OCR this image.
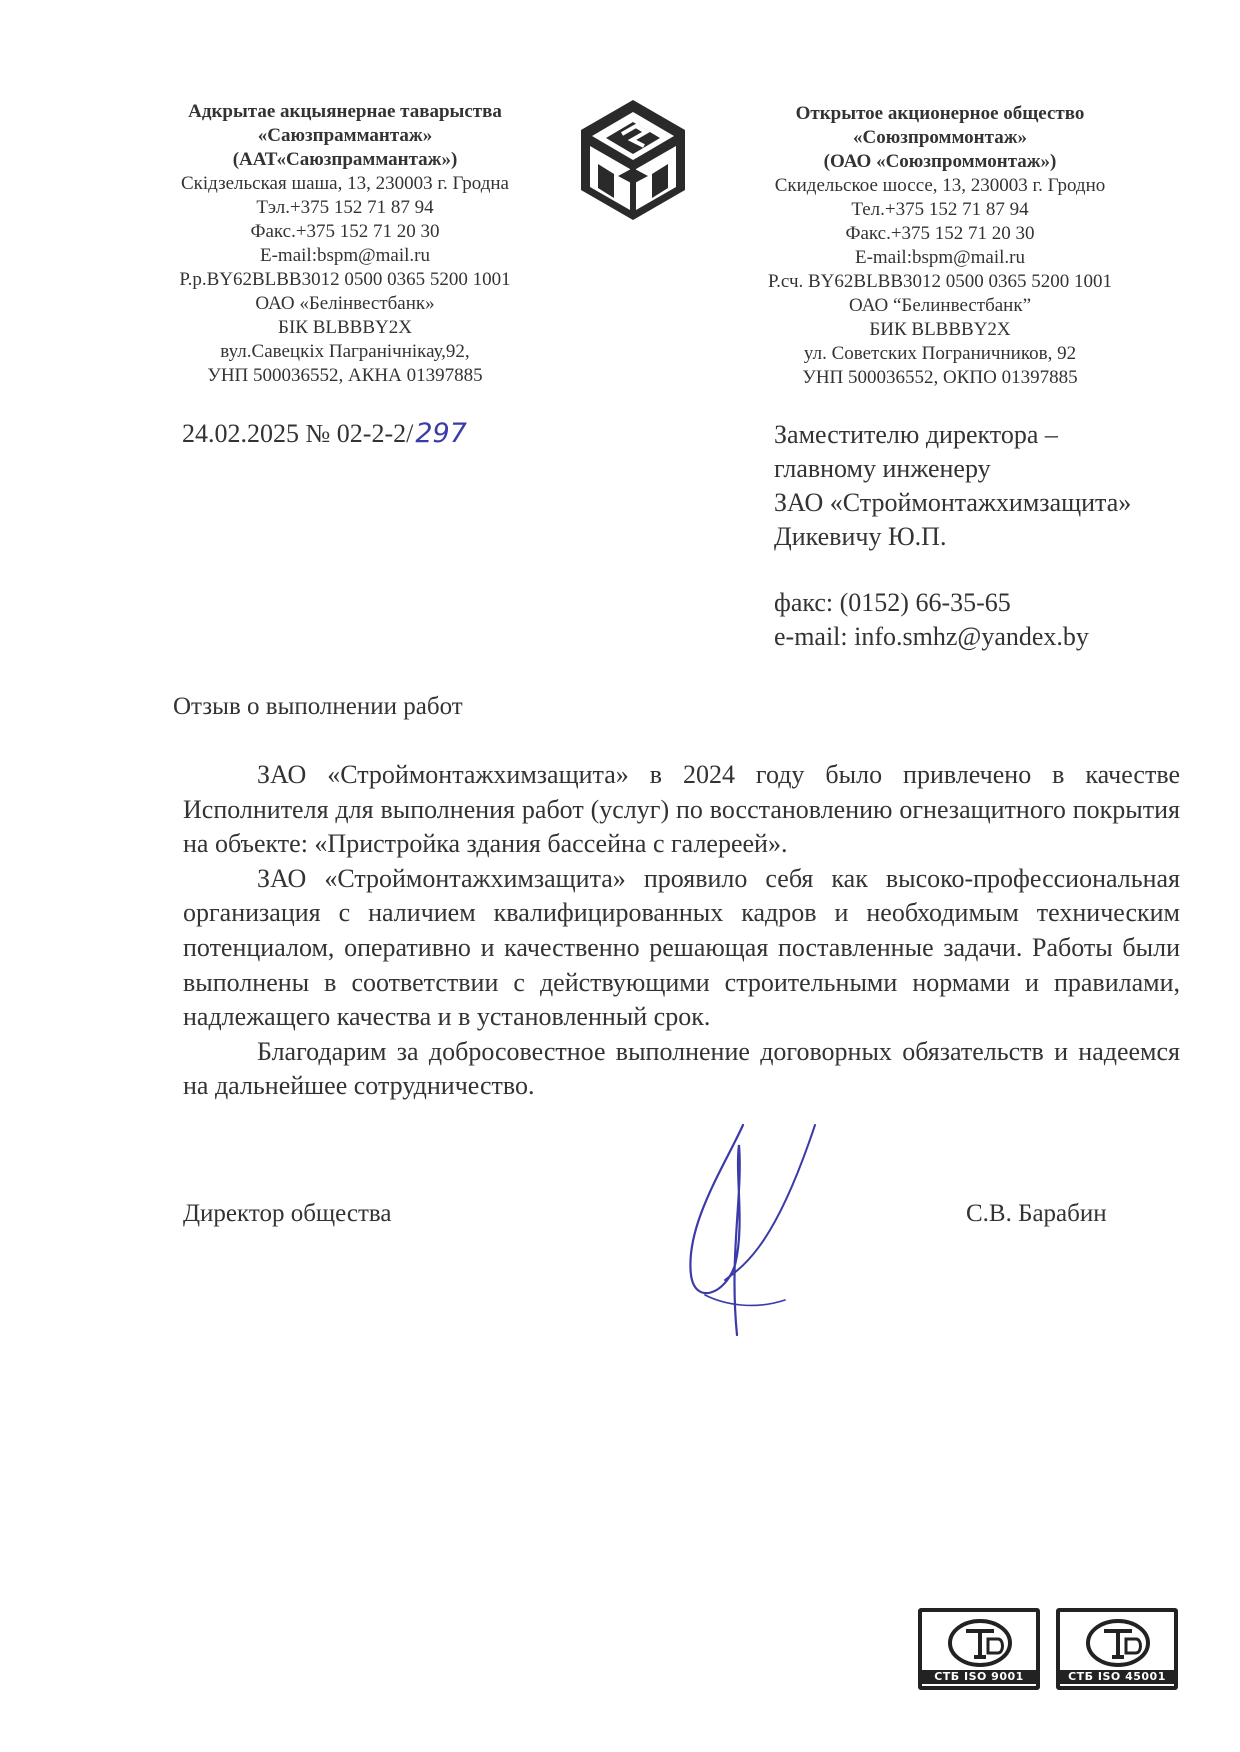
Адкрытае акцыянернае таварыства
«Саюзпраммантаж»
(ААТ«Саюзпраммантаж»)
Скідзельская шаша, 13, 230003 г. Гродна
Тэл.+375 152 71 87 94
Факс.+375 152 71 20 30
E-mail:bspm@mail.ru
Р.р.BY62BLBB3012 0500 0365 5200 1001
ОАО «Белінвестбанк»
БІК BLBBBY2X
вул.Савецкіх Пагранічнікау,92,
УНП 500036552, АКНА 01397885
Открытое акционерное общество
«Союзпроммонтаж»
(ОАО «Союзпроммонтаж»)
Скидельское шоссе, 13, 230003 г. Гродно
Тел.+375 152 71 87 94
Факс.+375 152 71 20 30
E-mail:bspm@mail.ru
Р.сч. BY62BLBB3012 0500 0365 5200 1001
ОАО “Белинвестбанк”
БИК BLBBBY2X
ул. Советских Пограничников, 92
УНП 500036552, ОКПО 01397885
24.02.2025 № 02-2-2/297	Заместителю директора –
главному инженеру
ЗАО «Строймонтажхимзащита»
Дикевичу Ю.П.
факс: (0152) 66-35-65
e-mail: info.smhz@yandex.by
Отзыв о выполнении работ

ЗАО «Строймонтажхимзащита» в 2024 году было привлечено в качестве Исполнителя для выполнения работ (услуг) по восстановлению огнезащитного покрытия на объекте: «Пристройка здания бассейна с галереей».

ЗАО «Строймонтажхимзащита» проявило себя как высоко-профессиональная организация с наличием квалифицированных кадров и необходимым техническим потенциалом, оперативно и качественно решающая поставленные задачи. Работы были выполнены в соответствии с действующими строительными нормами и правилами, надлежащего качества и в установленный срок.

Благодарим за добросовестное выполнение договорных обязательств и надеемся на дальнейшее сотрудничество.

Директор общества	С.В. Барабин
СТБ ISO 9001	СТБ ISO 45001
